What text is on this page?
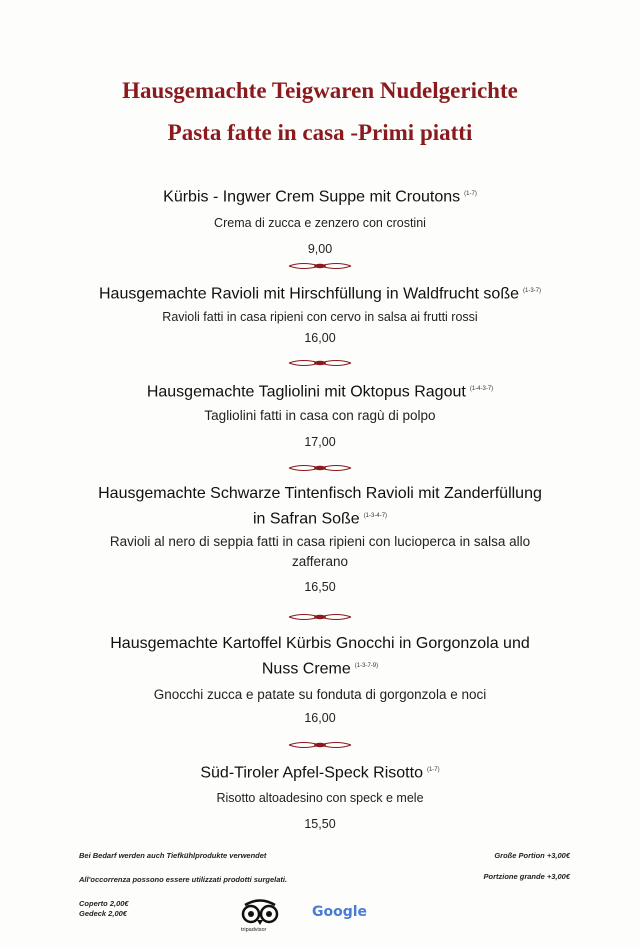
Hausgemachte Teigwaren Nudelgerichte
Pasta fatte in casa -Primi piatti
Kürbis - Ingwer Crem Suppe mit Croutons $^{(1-7)}$
Crema di zucca e zenzero con crostini
9,00
Hausgemachte Ravioli mit Hirschfüllung in Waldfrucht soße $^{(1-3-7)}$
Ravioli fatti in casa ripieni con cervo in salsa ai frutti rossi
16,00
Hausgemachte Tagliolini mit Oktopus Ragout $^{(1-4-3-7)}$
Tagliolini fatti in casa con ragù di polpo
17,00
Hausgemachte Schwarze Tintenfisch Ravioli mit Zanderfüllung
in Safran Soße $^{(1-3-4-7)}$
Ravioli al nero di seppia fatti in casa ripieni con lucioperca in salsa allo
zafferano
16,50
Hausgemachte Kartoffel Kürbis Gnocchi in Gorgonzola und
Nuss Creme $^{(1-3-7-9)}$
Gnocchi zucca e patate su fonduta di gorgonzola e noci
16,00
Süd-Tiroler Apfel-Speck Risotto $^{(1-7)}$
Risotto altoadesino con speck e mele
15,50
Bei Bedarf werden auch Tiefkühlprodukte verwendet
All'occorrenza possono essere utilizzati prodotti surgelati.
Coperto 2,00€
Gedeck 2,00€
Große Portion +3,00€
Portzione grande +3,00€
tripadvisor
Google
